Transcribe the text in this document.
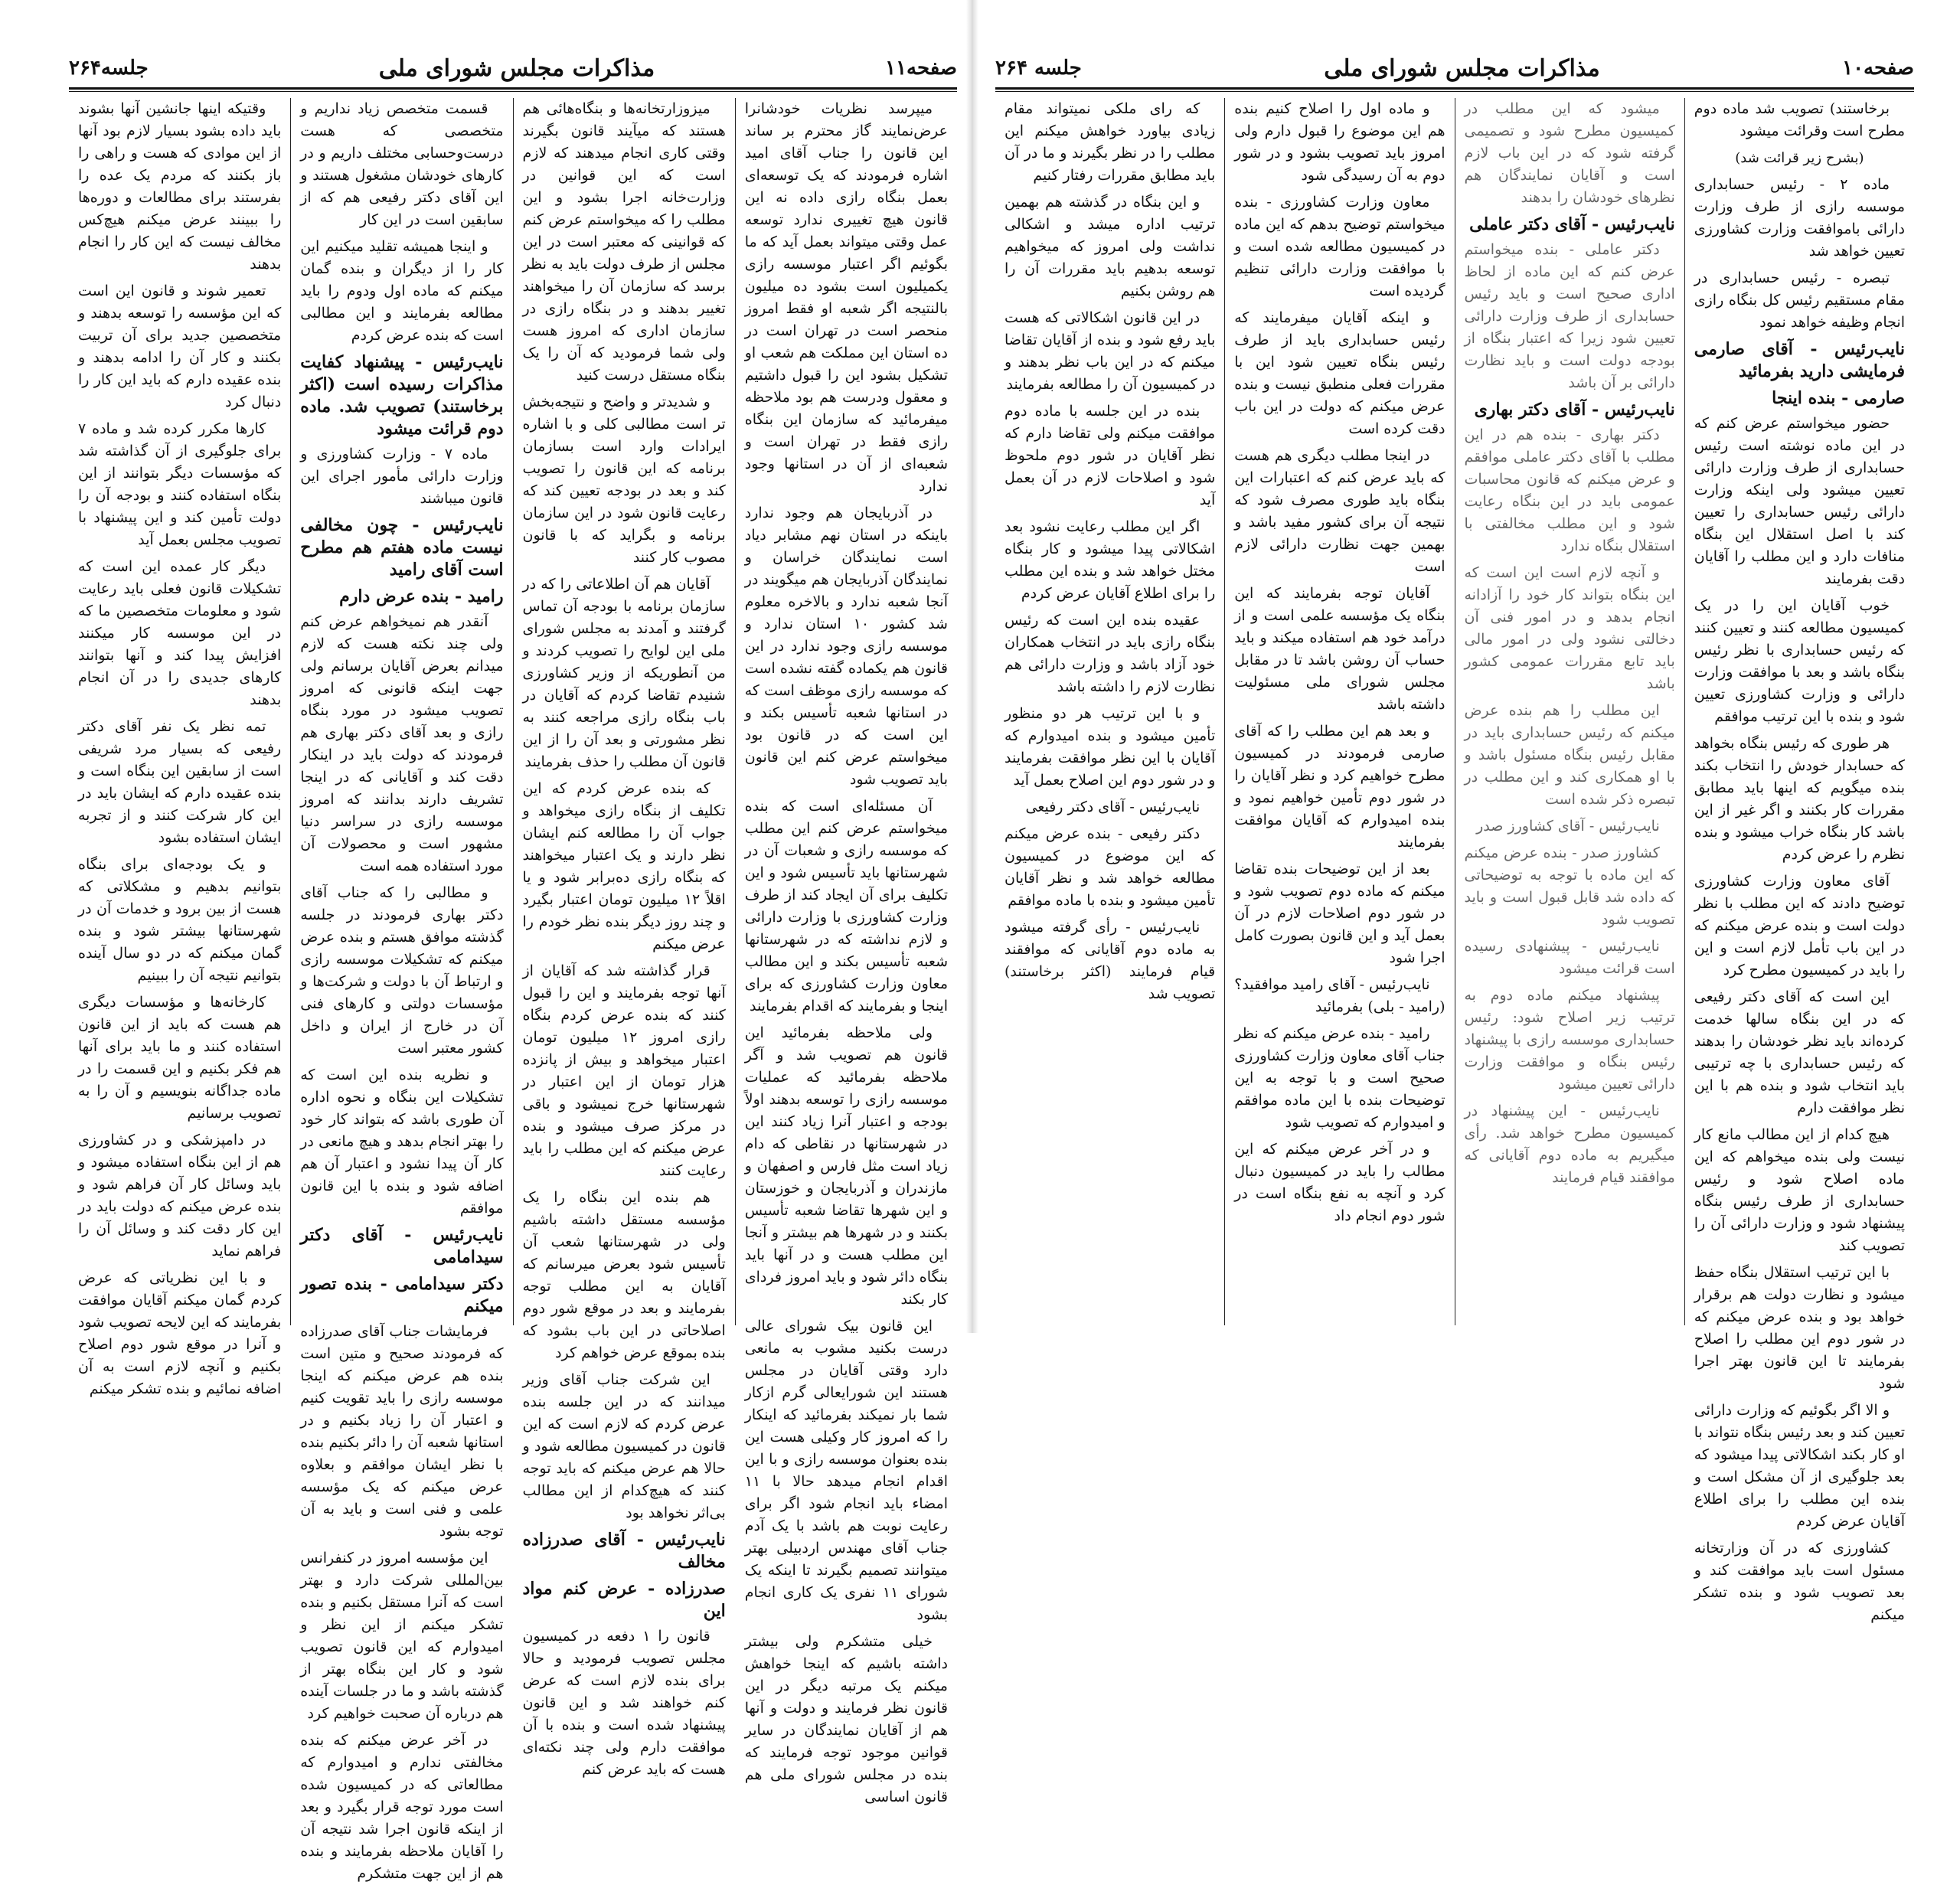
صفحه۱۱
مذاکرات مجلس شورای ملی
جلسه۲۶۴

میپرسد نظریات خودشانرا عرض‌نمایند گاز محترم بر ساند این قانون را جناب آقای امید اشاره فرمودند که یک توسعه‌ای بعمل بنگاه رازی داده نه این قانون هیچ تغییری ندارد توسعه عمل وقتی میتواند بعمل آید که ما بگوئیم اگر اعتبار موسسه رازی یکمیلیون است بشود ده میلیون بالنتیجه اگر شعبه او فقط امروز منحصر است در تهران است در ده استان این مملکت هم شعب او تشکیل بشود این را قبول داشتیم و معقول ودرست هم بود ملاحظه میفرمائید که سازمان این بنگاه رازی فقط در تهران است و شعبه‌ای از آن در استانها وجود ندارد

در آذربایجان هم وجود ندارد باینکه در استان نهم مشابر دیاد است نمایندگان خراسان و نمایندگان آذربایجان هم میگویند در آنجا شعبه ندارد و بالاخره معلوم شد کشور ۱۰ استان ندارد و موسسه رازی وجود ندارد در این قانون هم یکماده گفته نشده است که موسسه رازی موظف است که در استانها شعبه تأسیس بکند و این است که در قانون بود میخواستم عرض کنم این قانون باید تصویب شود

آن مسئله‌ای است که بنده میخواستم عرض کنم این مطلب که موسسه رازی و شعبات آن در شهرستانها باید تأسیس شود و این تکلیف برای آن ایجاد کند از طرف وزارت کشاورزی با وزارت دارائی و لازم نداشته که در شهرستانها شعبه تأسیس بکند و این مطالب معاون وزارت کشاورزی که برای اینجا و بفرمایند که اقدام بفرمایند

ولی ملاحظه بفرمائید این قانون هم تصویب شد و آگر ملاحظه بفرمائید که عملیات موسسه رازی را توسعه بدهند اولاً بودجه و اعتبار آنرا زیاد کنند این در شهرستانها در نقاطی که دام زیاد است مثل فارس و اصفهان و مازندران و آذربایجان و خوزستان و این شهرها تقاضا شعبه تأسیس بکنند و در شهرها هم بیشتر و آنجا این مطلب هست و در آنها باید بنگاه دائر شود و باید امروز فردای کار بکند

این قانون بیک شورای عالی درست بکنید مشوب به مانعی دارد وقتی آقایان در مجلس هستند این شورایعالی گرم ازکار شما بار نمیکند بفرمائید که اینکار را که امروز کار وکیلی هست این بنده بعنوان موسسه رازی و با این اقدام انجام میدهد حالا با ۱۱ امضاء باید انجام شود اگر برای رعایت نوبت هم باشد با یک آدم جناب آقای مهندس اردبیلی بهتر میتوانند تصمیم بگیرند تا اینکه یک شورای ۱۱ نفری یک کاری انجام بشود

خیلی متشکرم ولی بیشتر داشته باشیم که اینجا خواهش میکنم یک مرتبه دیگر در این قانون نظر فرمایند و دولت و آنها هم از آقایان نمایندگان در سایر قوانین موجود توجه فرمایند که بنده در مجلس شورای ملی هم قانون اساسی

میزوزارتخانه‌ها و بنگاه‌هائی هم هستند که میآیند قانون بگیرند وقتی کاری انجام میدهند که لازم است که این قوانین در وزارت‌خانه اجرا بشود و این مطلب را که میخواستم عرض کنم که قوانینی که معتبر است در این مجلس از طرف دولت باید به نظر برسد که سازمان آن را میخواهند تغییر بدهند و در بنگاه رازی در سازمان اداری که امروز هست ولی شما فرمودید که آن را یک بنگاه مستقل درست کنید

و شدیدتر و واضح و نتیجه‌بخش تر است مطالبی کلی و با اشاره ایرادات وارد است بسازمان برنامه که این قانون را تصویب کند و بعد در بودجه تعیین کند که رعایت قانون شود در این سازمان برنامه و بگراید که با قانون مصوب کار کنند

آقایان هم آن اطلاعاتی را که در سازمان برنامه با بودجه آن تماس گرفتند و آمدند به مجلس شورای ملی این لوایح را تصویب کردند و من آنطوریکه از وزیر کشاورزی شنیدم تقاضا کردم که آقایان در باب بنگاه رازی مراجعه کنند به نظر مشورتی و بعد آن را از این قانون آن مطلب را حذف بفرمایند

که بنده عرض کردم که این تکلیف از بنگاه رازی میخواهد و جواب آن را مطالعه کنم ایشان نظر دارند و یک اعتبار میخواهند که بنگاه رازی ده‌برابر شود و یا اقلاً ۱۲ میلیون تومان اعتبار بگیرد و چند روز دیگر بنده نظر خودم را عرض میکنم

قرار گذاشته شد که آقایان از آنها توجه بفرمایند و این را قبول کنند که بنده عرض کردم بنگاه رازی امروز ۱۲ میلیون تومان اعتبار میخواهد و بیش از پانزده هزار تومان از این اعتبار در شهرستانها خرج نمیشود و باقی در مرکز صرف میشود و بنده عرض میکنم که این مطلب را باید رعایت کنند

هم بنده این بنگاه را یک مؤسسه مستقل داشته باشیم ولی در شهرستانها شعب آن تأسیس شود بعرض میرسانم که آقایان به این مطلب توجه بفرمایند و بعد در موقع شور دوم اصلاحاتی در این باب بشود که بنده بموقع عرض خواهم کرد

این شرکت جناب آقای وزیر میدانند که در این جلسه بنده عرض کردم که لازم است که این قانون در کمیسیون مطالعه شود و حالا هم عرض میکنم که باید توجه کنند که هیچ‌کدام از این مطالب بی‌اثر نخواهد بود

نایب‌رئیس - آقای صدرزاده مخالف
صدرزاده - عرض کنم مواد این

قانون را ۱ دفعه در کمیسیون مجلس تصویب فرمودید و حالا برای بنده لازم است که عرض کنم خواهند شد و این قانون پیشنهاد شده است و بنده با آن موافقت دارم ولی چند نکته‌ای هست که باید عرض کنم

قسمت متخصص زیاد نداریم و متخصصی که هست درست‌وحسابی مختلف داریم و در کارهای خودشان مشغول هستند و این آقای دکتر رفیعی هم که از سابقین است در این کار

و اینجا همیشه تقلید میکنیم این کار را از دیگران و بنده گمان میکنم که ماده اول ودوم را باید مطالعه بفرمایند و این مطالبی است که بنده عرض کردم

نایب‌رئیس - پیشنهاد کفایت مذاکرات رسیده است (اکثر برخاستند) تصویب شد. ماده دوم قرائت میشود

ماده ۷ - وزارت کشاورزی و وزارت دارائی مأمور اجرای این قانون میباشند

نایب‌رئیس - چون مخالفی نیست ماده هفتم هم مطرح است آقای رامید
رامید - بنده عرض دارم

آنقدر هم نمیخواهم عرض کنم ولی چند نکته هست که لازم میدانم بعرض آقایان برسانم ولی جهت اینکه قانونی که امروز تصویب میشود در مورد بنگاه رازی و بعد آقای دکتر بهاری هم فرمودند که دولت باید در اینکار دقت کند و آقایانی که در اینجا تشریف دارند بدانند که امروز موسسه رازی در سراسر دنیا مشهور است و محصولات آن مورد استفاده همه است

و مطالبی را که جناب آقای دکتر بهاری فرمودند در جلسه گذشته موافق هستم و بنده عرض میکنم که تشکیلات موسسه رازی و ارتباط آن با دولت و شرکت‌ها و مؤسسات دولتی و کارهای فنی آن در خارج از ایران و داخل کشور معتبر است

و نظریه بنده این است که تشکیلات این بنگاه و نحوه اداره آن طوری باشد که بتواند کار خود را بهتر انجام بدهد و هیچ مانعی در کار آن پیدا نشود و اعتبار آن هم اضافه شود و بنده با این قانون موافقم

نایب‌رئیس - آقای دکتر سیدامامی
دکتر سیدامامی - بنده تصور میکنم

فرمایشات جناب آقای صدرزاده که فرمودند صحیح و متین است بنده هم عرض میکنم که اینجا موسسه رازی را باید تقویت کنیم و اعتبار آن را زیاد بکنیم و در استانها شعبه آن را دائر بکنیم بنده با نظر ایشان موافقم و بعلاوه عرض میکنم که یک مؤسسه علمی و فنی است و باید به آن توجه بشود

این مؤسسه امروز در کنفرانس بین‌المللی شرکت دارد و بهتر است که آنرا مستقل بکنیم و بنده تشکر میکنم از این نظر و امیدوارم که این قانون تصویب شود و کار این بنگاه بهتر از گذشته باشد و ما در جلسات آینده هم درباره آن صحبت خواهیم کرد

در آخر عرض میکنم که بنده مخالفتی ندارم و امیدوارم که مطالعاتی که در کمیسیون شده است مورد توجه قرار بگیرد و بعد از اینکه قانون اجرا شد نتیجه آن را آقایان ملاحظه بفرمایند و بنده هم از این جهت متشکرم

وقتیکه اینها جانشین آنها بشوند باید داده بشود بسیار لازم بود آنها از این موادی که هست و راهی را باز بکنند که مردم یک عده را بفرستند برای مطالعات و دوره‌ها را ببینند عرض میکنم هیچ‌کس مخالف نیست که این کار را انجام بدهند

تعمیر شوند و قانون این است که این مؤسسه را توسعه بدهند و متخصصین جدید برای آن تربیت بکنند و کار آن را ادامه بدهند و بنده عقیده دارم که باید این کار را دنبال کرد

کارها مکرر کرده شد و ماده ۷ برای جلوگیری از آن گذاشته شد که مؤسسات دیگر بتوانند از این بنگاه استفاده کنند و بودجه آن را دولت تأمین کند و این پیشنهاد با تصویب مجلس بعمل آید

دیگر کار عمده این است که تشکیلات قانون فعلی باید رعایت شود و معلومات متخصصین ما که در این موسسه کار میکنند افزایش پیدا کند و آنها بتوانند کارهای جدیدی را در آن انجام بدهند

تمه نظر یک نفر آقای دکتر رفیعی که بسیار مرد شریفی است از سابقین این بنگاه است و بنده عقیده دارم که ایشان باید در این کار شرکت کنند و از تجربه ایشان استفاده بشود

و یک بودجه‌ای برای بنگاه بتوانیم بدهیم و مشکلاتی که هست از بین برود و خدمات آن در شهرستانها بیشتر شود و بنده گمان میکنم که در دو سال آینده بتوانیم نتیجه آن را ببینیم

کارخانه‌ها و مؤسسات دیگری هم هست که باید از این قانون استفاده کنند و ما باید برای آنها هم فکر بکنیم و این قسمت را در ماده جداگانه بنویسیم و آن را به تصویب برسانیم

در دامپزشکی و در کشاورزی هم از این بنگاه استفاده میشود و باید وسائل کار آن فراهم شود و بنده عرض میکنم که دولت باید در این کار دقت کند و وسائل آن را فراهم نماید

و با این نظریاتی که عرض کردم گمان میکنم آقایان موافقت بفرمایند که این لایحه تصویب شود و آنرا در موقع شور دوم اصلاح بکنیم و آنچه لازم است به آن اضافه نمائیم و بنده تشکر میکنم

صفحه۱۰
مذاکرات مجلس شورای ملی
جلسه ۲۶۴

برخاستند) تصویب شد ماده دوم مطرح است وقرائت میشود

(بشرح زیر قرائت شد)

ماده ۲ - رئیس حسابداری موسسه رازی از طرف وزارت دارائی باموافقت وزارت کشاورزی تعیین خواهد شد

تبصره - رئیس حسابداری در مقام مستقیم رئیس کل بنگاه رازی انجام وظیفه خواهد نمود

نایب‌رئیس - آقای صارمی فرمایشی دارید بفرمائید
صارمی - بنده اینجا

حضور میخواستم عرض کنم که در این ماده نوشته است رئیس حسابداری از طرف وزارت دارائی تعیین میشود ولی اینکه وزارت دارائی رئیس حسابداری را تعیین کند با اصل استقلال این بنگاه منافات دارد و این مطلب را آقایان دقت بفرمایند

خوب آقایان این را در یک کمیسیون مطالعه کنند و تعیین کنند که رئیس حسابداری با نظر رئیس بنگاه باشد و بعد با موافقت وزارت دارائی و وزارت کشاورزی تعیین شود و بنده با این ترتیب موافقم

هر طوری که رئیس بنگاه بخواهد که حسابدار خودش را انتخاب بکند بنده میگویم که اینها باید مطابق مقررات کار بکنند و اگر غیر از این باشد کار بنگاه خراب میشود و بنده نظرم را عرض کردم

آقای معاون وزارت کشاورزی توضیح دادند که این مطلب با نظر دولت است و بنده عرض میکنم که در این باب تأمل لازم است و این را باید در کمیسیون مطرح کرد

این است که آقای دکتر رفیعی که در این بنگاه سالها خدمت کرده‌اند باید نظر خودشان را بدهند که رئیس حسابداری با چه ترتیبی باید انتخاب شود و بنده هم با این نظر موافقت دارم

هیچ کدام از این مطالب مانع کار نیست ولی بنده میخواهم که این ماده اصلاح شود و رئیس حسابداری از طرف رئیس بنگاه پیشنهاد شود و وزارت دارائی آن را تصویب کند

با این ترتیب استقلال بنگاه حفظ میشود و نظارت دولت هم برقرار خواهد بود و بنده عرض میکنم که در شور دوم این مطلب را اصلاح بفرمایند تا این قانون بهتر اجرا شود

و الا اگر بگوئیم که وزارت دارائی تعیین کند و بعد رئیس بنگاه نتواند با او کار بکند اشکالاتی پیدا میشود که بعد جلوگیری از آن مشکل است و بنده این مطلب را برای اطلاع آقایان عرض کردم

کشاورزی که در آن وزارتخانه مسئول است باید موافقت کند و بعد تصویب شود و بنده تشکر میکنم

میشود که این مطلب در کمیسیون مطرح شود و تصمیمی گرفته شود که در این باب لازم است و آقایان نمایندگان هم نظرهای خودشان را بدهند

نایب‌رئیس - آقای دکتر عاملی

دکتر عاملی - بنده میخواستم عرض کنم که این ماده از لحاظ اداری صحیح است و باید رئیس حسابداری از طرف وزارت دارائی تعیین شود زیرا که اعتبار بنگاه از بودجه دولت است و باید نظارت دارائی بر آن باشد

نایب‌رئیس - آقای دکتر بهاری

دکتر بهاری - بنده هم در این مطلب با آقای دکتر عاملی موافقم و عرض میکنم که قانون محاسبات عمومی باید در این بنگاه رعایت شود و این مطلب مخالفتی با استقلال بنگاه ندارد

و آنچه لازم است این است که این بنگاه بتواند کار خود را آزادانه انجام بدهد و در امور فنی آن دخالتی نشود ولی در امور مالی باید تابع مقررات عمومی کشور باشد

این مطلب را هم بنده عرض میکنم که رئیس حسابداری باید در مقابل رئیس بنگاه مسئول باشد و با او همکاری کند و این مطلب در تبصره ذکر شده است

نایب‌رئیس - آقای کشاورز صدر

کشاورز صدر - بنده عرض میکنم که این ماده با توجه به توضیحاتی که داده شد قابل قبول است و باید تصویب شود

نایب‌رئیس - پیشنهادی رسیده است قرائت میشود

پیشنهاد میکنم ماده دوم به ترتیب زیر اصلاح شود: رئیس حسابداری موسسه رازی با پیشنهاد رئیس بنگاه و موافقت وزارت دارائی تعیین میشود

نایب‌رئیس - این پیشنهاد در کمیسیون مطرح خواهد شد. رأی میگیریم به ماده دوم آقایانی که موافقند قیام فرمایند

و ماده اول را اصلاح کنیم بنده هم این موضوع را قبول دارم ولی امروز باید تصویب بشود و در شور دوم به آن رسیدگی شود

معاون وزارت کشاورزی - بنده میخواستم توضیح بدهم که این ماده در کمیسیون مطالعه شده است و با موافقت وزارت دارائی تنظیم گردیده است

و اینکه آقایان میفرمایند که رئیس حسابداری باید از طرف رئیس بنگاه تعیین شود این با مقررات فعلی منطبق نیست و بنده عرض میکنم که دولت در این باب دقت کرده است

در اینجا مطلب دیگری هم هست که باید عرض کنم که اعتبارات این بنگاه باید طوری مصرف شود که نتیجه آن برای کشور مفید باشد و بهمین جهت نظارت دارائی لازم است

آقایان توجه بفرمایند که این بنگاه یک مؤسسه علمی است و از درآمد خود هم استفاده میکند و باید حساب آن روشن باشد تا در مقابل مجلس شورای ملی مسئولیت داشته باشد

و بعد هم این مطلب را که آقای صارمی فرمودند در کمیسیون مطرح خواهیم کرد و نظر آقایان را در شور دوم تأمین خواهیم نمود و بنده امیدوارم که آقایان موافقت بفرمایند

بعد از این توضیحات بنده تقاضا میکنم که ماده دوم تصویب شود و در شور دوم اصلاحات لازم در آن بعمل آید و این قانون بصورت کامل اجرا شود

نایب‌رئیس - آقای رامید موافقید؟ (رامید - بلی) بفرمائید

رامید - بنده عرض میکنم که نظر جناب آقای معاون وزارت کشاورزی صحیح است و با توجه به این توضیحات بنده با این ماده موافقم و امیدوارم که تصویب شود

و در آخر عرض میکنم که این مطالب را باید در کمیسیون دنبال کرد و آنچه به نفع بنگاه است در شور دوم انجام داد

که رای ملکی نمیتواند مقام زیادی بیاورد خواهش میکنم این مطلب را در نظر بگیرند و ما در آن باید مطابق مقررات رفتار کنیم

و این بنگاه در گذشته هم بهمین ترتیب اداره میشد و اشکالی نداشت ولی امروز که میخواهیم توسعه بدهیم باید مقررات آن را هم روشن بکنیم

در این قانون اشکالاتی که هست باید رفع شود و بنده از آقایان تقاضا میکنم که در این باب نظر بدهند و در کمیسیون آن را مطالعه بفرمایند

بنده در این جلسه با ماده دوم موافقت میکنم ولی تقاضا دارم که نظر آقایان در شور دوم ملحوظ شود و اصلاحات لازم در آن بعمل آید

اگر این مطلب رعایت نشود بعد اشکالاتی پیدا میشود و کار بنگاه مختل خواهد شد و بنده این مطلب را برای اطلاع آقایان عرض کردم

عقیده بنده این است که رئیس بنگاه رازی باید در انتخاب همکاران خود آزاد باشد و وزارت دارائی هم نظارت لازم را داشته باشد

و با این ترتیب هر دو منظور تأمین میشود و بنده امیدوارم که آقایان با این نظر موافقت بفرمایند و در شور دوم این اصلاح بعمل آید

نایب‌رئیس - آقای دکتر رفیعی

دکتر رفیعی - بنده عرض میکنم که این موضوع در کمیسیون مطالعه خواهد شد و نظر آقایان تأمین میشود و بنده با ماده موافقم

نایب‌رئیس - رأی گرفته میشود به ماده دوم آقایانی که موافقند قیام فرمایند (اکثر برخاستند) تصویب شد
